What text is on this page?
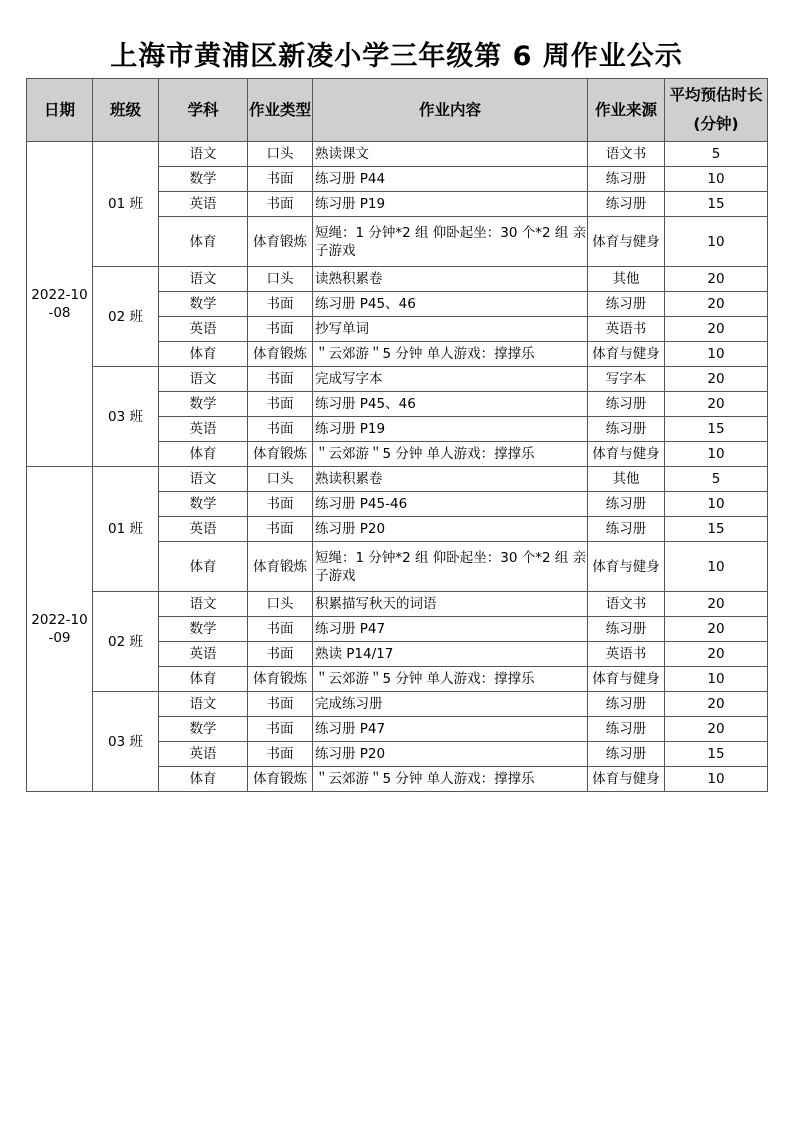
上海市黄浦区新凌小学三年级第 6 周作业公示
日期	班级	学科	作业类型	作业内容	作业来源	平均预估时长(分钟)
2022-10-08	01 班	语文	口头	熟读课文	语文书	5
		数学	书面	练习册 P44	练习册	10
		英语	书面	练习册 P19	练习册	15
		体育	体育锻炼	短绳：1 分钟*2 组 仰卧起坐：30 个*2 组 亲子游戏	体育与健身	10
	02 班	语文	口头	读熟积累卷	其他	20
		数学	书面	练习册 P45、46	练习册	20
		英语	书面	抄写单词	英语书	20
		体育	体育锻炼	＂云郊游＂5 分钟 单人游戏：撑撑乐	体育与健身	10
	03 班	语文	书面	完成写字本	写字本	20
		数学	书面	练习册 P45、46	练习册	20
		英语	书面	练习册 P19	练习册	15
		体育	体育锻炼	＂云郊游＂5 分钟 单人游戏：撑撑乐	体育与健身	10
2022-10-09	01 班	语文	口头	熟读积累卷	其他	5
		数学	书面	练习册 P45-46	练习册	10
		英语	书面	练习册 P20	练习册	15
		体育	体育锻炼	短绳：1 分钟*2 组 仰卧起坐：30 个*2 组 亲子游戏	体育与健身	10
	02 班	语文	口头	积累描写秋天的词语	语文书	20
		数学	书面	练习册 P47	练习册	20
		英语	书面	熟读 P14/17	英语书	20
		体育	体育锻炼	＂云郊游＂5 分钟 单人游戏：撑撑乐	体育与健身	10
	03 班	语文	书面	完成练习册	练习册	20
		数学	书面	练习册 P47	练习册	20
		英语	书面	练习册 P20	练习册	15
		体育	体育锻炼	＂云郊游＂5 分钟 单人游戏：撑撑乐	体育与健身	10
